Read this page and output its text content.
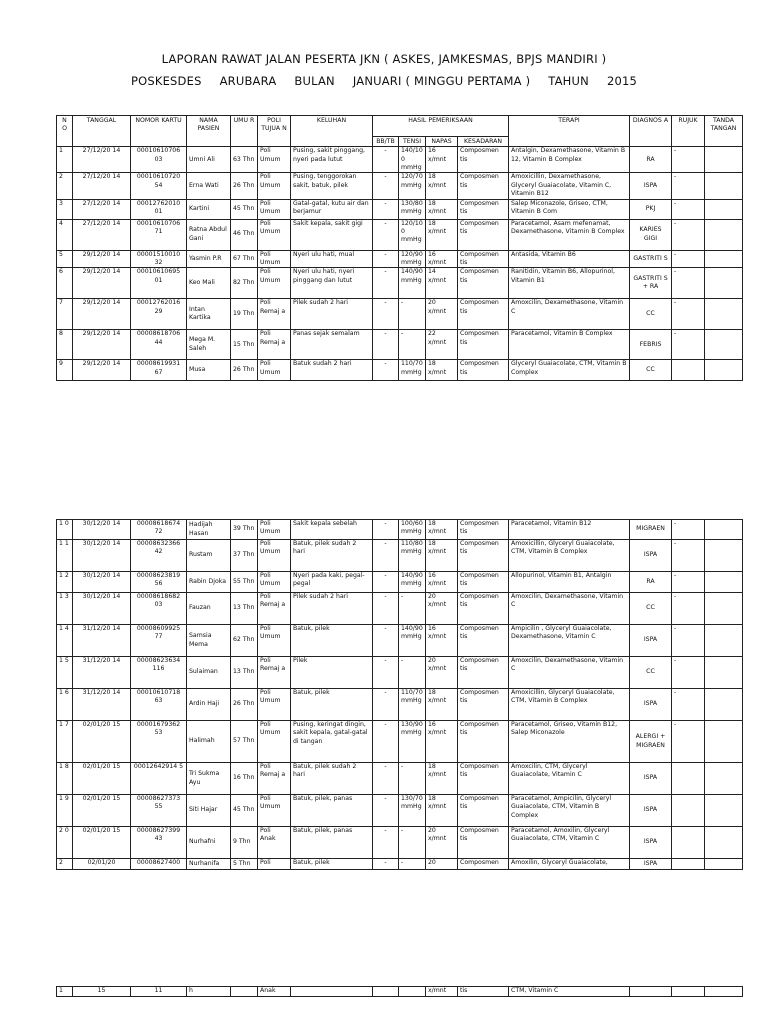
LAPORAN RAWAT JALAN PESERTA JKN ( ASKES, JAMKESMAS, BPJS MANDIRI )
POSKESDES ARUBARA BULAN JANUARI ( MINGGU PERTAMA ) TAHUN 2015
N O	TANGGAL	NOMOR KARTU	NAMA PASIEN	UMU R	POLI TUJUA N	KELUHAN	HASIL PEMERIKSAAN				TERAPI	DIAGNOS A	RUJUK	TANDA TANGAN
							BB/TB	TENSI	NAPAS	KESADARAN				
1	27/12/20 14	00010610706 03	Umni Ali	63 Thn	Poli Umum	Pusing, sakit pinggang, nyeri pada lutut	-	140/10 0 mmHg	16 x/mnt	Composmen tis	Antalgin, Dexamethasone, Vitamin B 12, Vitamin B Complex	RA	-	
2	27/12/20 14	00010610720 54	Erna Wati	26 Thn	Poli Umum	Pusing, tenggorokan sakit, batuk, pilek	-	120/70 mmHg	18 x/mnt	Composmen tis	Amoxicillin, Dexamethasone, Glyceryl Guaiacolate, Vitamin C, Vitamin B12	ISPA	-	
3	27/12/20 14	00012762010 01	Kartini	45 Thn	Poli Umum	Gatal-gatal, kutu air dan berjamur	-	130/80 mmHg	18 x/mnt	Composmen tis	Salep Miconazole, Griseo, CTM, Vitamin B Com	PKJ	-	
4	27/12/20 14	00010610706 71	Ratna Abdul Gani	46 Thn	Poli Umum	Sakit kepala, sakit gigi	-	120/10 0 mmHg	18 x/mnt	Composmen tis	Paracetamol, Asam mefenamat, Dexamethasone, Vitamin B Complex	KARIES GIGI	-	
5	29/12/20 14	00001510010 32	Yasmin P.R	67 Thn	Poli Umum	Nyeri ulu hati, mual	-	120/90 mmHg	16 x/mnt	Composmen tis	Antasida, Vitamin B6	GASTRITI S	-	
6	29/12/20 14	00010610695 01	Keo Mali	82 Thn	Poli Umum	Nyeri ulu hati, nyeri pinggang dan lutut	-	140/90 mmHg	14 x/mnt	Composmen tis	Ranitidin, Vitamin B6, Allopurinol, Vitamin B1	GASTRITI S + RA	-	
7	29/12/20 14	00012762016 29	Intan Kartika	19 Thn	Poli Remaj a	Pilek sudah 2 hari	-	-	20 x/mnt	Composmen tis	Amoxcilin, Dexamethasone, Vitamin C	CC	-	
8	29/12/20 14	00008618706 44	Mega M. Saleh	15 Thn	Poli Remaj a	Panas sejak semalam	-	-	22 x/mnt	Composmen tis	Paracetamol, Vitamin B Complex	FEBRIS	-	
9	29/12/20 14	00008619931 67	Musa	26 Thn	Poli Umum	Batuk sudah 2 hari	-	110/70 mmHg	18 x/mnt	Composmen tis	Glyceryl Guaiacolate, CTM, Vitamin B Complex	CC		
1 0	30/12/20 14	00008618674 72	Hadijah Hasan	39 Thn	Poli Umum	Sakit kepala sebelah	-	100/60 mmHg	18 x/mnt	Composmen tis	Paracetamol, Vitamin B12	MIGRAEN	-	
1 1	30/12/20 14	00008632366 42	Rustam	37 Thn	Poli Umum	Batuk, pilek sudah 2 hari	-	110/80 mmHg	18 x/mnt	Composmen tis	Amoxicillin, Glyceryl Guaiacolate, CTM, Vitamin B Complex	ISPA	-	
1 2	30/12/20 14	00008623819 56	Rabin Djoka	55 Thn	Poli Umum	Nyeri pada kaki, pegal-pegal	-	140/90 mmHg	16 x/mnt	Composmen tis	Allopurinol, Vitamin B1, Antalgin	RA	-	
1 3	30/12/20 14	00008618682 03	Fauzan	13 Thn	Poli Remaj a	Pilek sudah 2 hari	-	-	20 x/mnt	Composmen tis	Amoxcilin, Dexamethasone, Vitamin C	CC	-	
1 4	31/12/20 14	00008609925 77	Samsia Mema	62 Thn	Poli Umum	Batuk, pilek	-	140/90 mmHg	16 x/mnt	Composmen tis	Ampicilin , Glyceryl Guaiacolate, Dexamethasone, Vitamin C	ISPA	-	
1 5	31/12/20 14	00008623634 116	Sulaiman	13 Thn	Poli Remaj a	Pilek	-	-	20 x/mnt	Composmen tis	Amoxcilin, Dexamethasone, Vitamin C	CC	-	
1 6	31/12/20 14	00010610718 63	Ardin Haji	26 Thn	Poli Umum	Batuk, pilek	-	110/70 mmHg	18 x/mnt	Composmen tis	Amoxicillin, Glyceryl Guaiacolate, CTM, Vitamin B Complex	ISPA	-	
1 7	02/01/20 15	00001679362 53	Halimah	57 Thn	Poli Umum	Pusing, keringat dingin, sakit kepala, gatal-gatal di tangan	-	130/90 mmHg	16 x/mnt	Composmen tis	Paracetamol, Griseo, Vitamin B12, Salep Miconazole	ALERGI + MIGRAEN	-	
1 8	02/01/20 15	00012642914 5	Tri Sukma Ayu	16 Thn	Poli Remaj a	Batuk, pilek sudah 2 hari	-	-	18 x/mnt	Composmen tis	Amoxcilin, CTM, Glyceryl Guaiacolate, Vitamin C	ISPA		
1 9	02/01/20 15	00008627373 55	Siti Hajar	45 Thn	Poli Umum	Batuk, pilek, panas	-	130/70 mmHg	18 x/mnt	Composmen tis	Paracetamol, Ampicilin, Glyceryl Guaiacolate, CTM, Vitamin B Complex	ISPA		
2 0	02/01/20 15	00008627399 43	Nurhafni	9 Thn	Poli Anak	Batuk, pilek, panas	-	-	20 x/mnt	Composmen tis	Paracetamol, Amoxilin, Glyceryl Guaiacolate, CTM, Vitamin C	ISPA		
2	02/01/20	00008627400	Nurhanifa	5 Thn	Poli	Batuk, pilek	-	-	20	Composmen	Amoxilin, Glyceryl Guaiacolate,	ISPA		
1	15	11	h		Anak				x/mnt	tis	CTM, Vitamin C			
